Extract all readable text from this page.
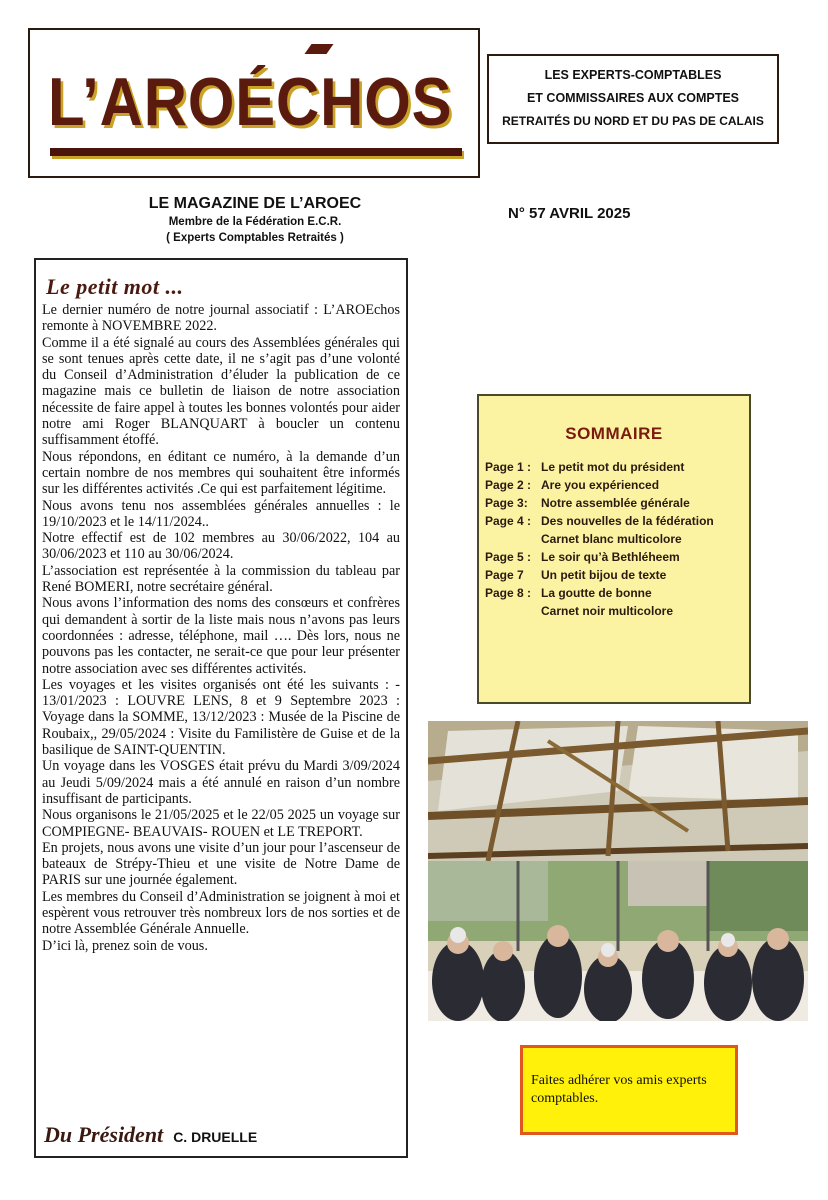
L’AROÉCHOS	LES EXPERTS-COMPTABLES
ET COMMISSAIRES AUX COMPTES
RETRAITÉS DU NORD ET DU PAS DE CALAIS
LE MAGAZINE DE L’AROEC
Membre de la Fédération E.C.R.
( Experts Comptables Retraités )
N° 57 AVRIL 2025
Le petit mot ...

Le dernier numéro de notre journal associatif : L’AROEchos remonte à NOVEMBRE 2022.

Comme il a été signalé au cours des Assemblées générales qui se sont tenues après cette date, il ne s’agit pas d’une volonté du Conseil d’Administration d’éluder la publication de ce magazine mais ce bulletin de liaison de notre association nécessite de faire appel à toutes les bonnes volontés pour aider notre ami Roger BLANQUART à boucler un contenu suffisamment étoffé.

Nous répondons, en éditant ce numéro, à la demande d’un certain nombre de nos membres qui souhaitent être informés sur les différentes activités .Ce qui est parfaitement légitime.

Nous avons tenu nos assemblées générales annuelles : le 19/10/2023 et le 14/11/2024..

Notre effectif est de 102 membres au 30/06/2022, 104 au 30/06/2023 et 110 au 30/06/2024.

L’association est représentée à la commission du tableau par René BOMERI, notre secrétaire général.

Nous avons l’information des noms des consœurs et confrères qui demandent à sortir de la liste mais nous n’avons pas leurs coordonnées : adresse, téléphone, mail …. Dès lors, nous ne pouvons pas les contacter, ne serait-ce que pour leur présenter notre association avec ses différentes activités.

Les voyages et les visites organisés ont été les suivants : - 13/01/2023 : LOUVRE LENS, 8 et 9 Septembre 2023 : Voyage dans la SOMME, 13/12/2023 : Musée de la Piscine de Roubaix,, 29/05/2024 : Visite du Familistère de Guise et de la basilique de SAINT-QUENTIN.

Un voyage dans les VOSGES était prévu du Mardi 3/09/2024 au Jeudi 5/09/2024 mais a été annulé en raison d’un nombre insuffisant de participants.

Nous organisons le 21/05/2025 et le 22/05 2025 un voyage sur COMPIEGNE- BEAUVAIS- ROUEN et LE TREPORT.

En projets, nous avons une visite d’un jour pour l’ascenseur de bateaux de Strépy-Thieu et une visite de Notre Dame de PARIS sur une journée également.

Les membres du Conseil d’Administration se joignent à moi et espèrent vous retrouver très nombreux lors de nos sorties et de notre Assemblée Générale Annuelle.

D’ici là, prenez soin de vous.

Du Président C. DRUELLE
SOMMAIRE
Page 1 : Le petit mot du président
Page 2 : Are you expérienced
Page 3: Notre assemblée générale
Page 4 : Des nouvelles de la fédération
Carnet blanc multicolore
Page 5 : Le soir qu’à Bethléheem
Page 7 Un petit bijou de texte
Page 8 : La goutte de bonne
Carnet noir multicolore
Faites adhérer vos amis experts comptables.
